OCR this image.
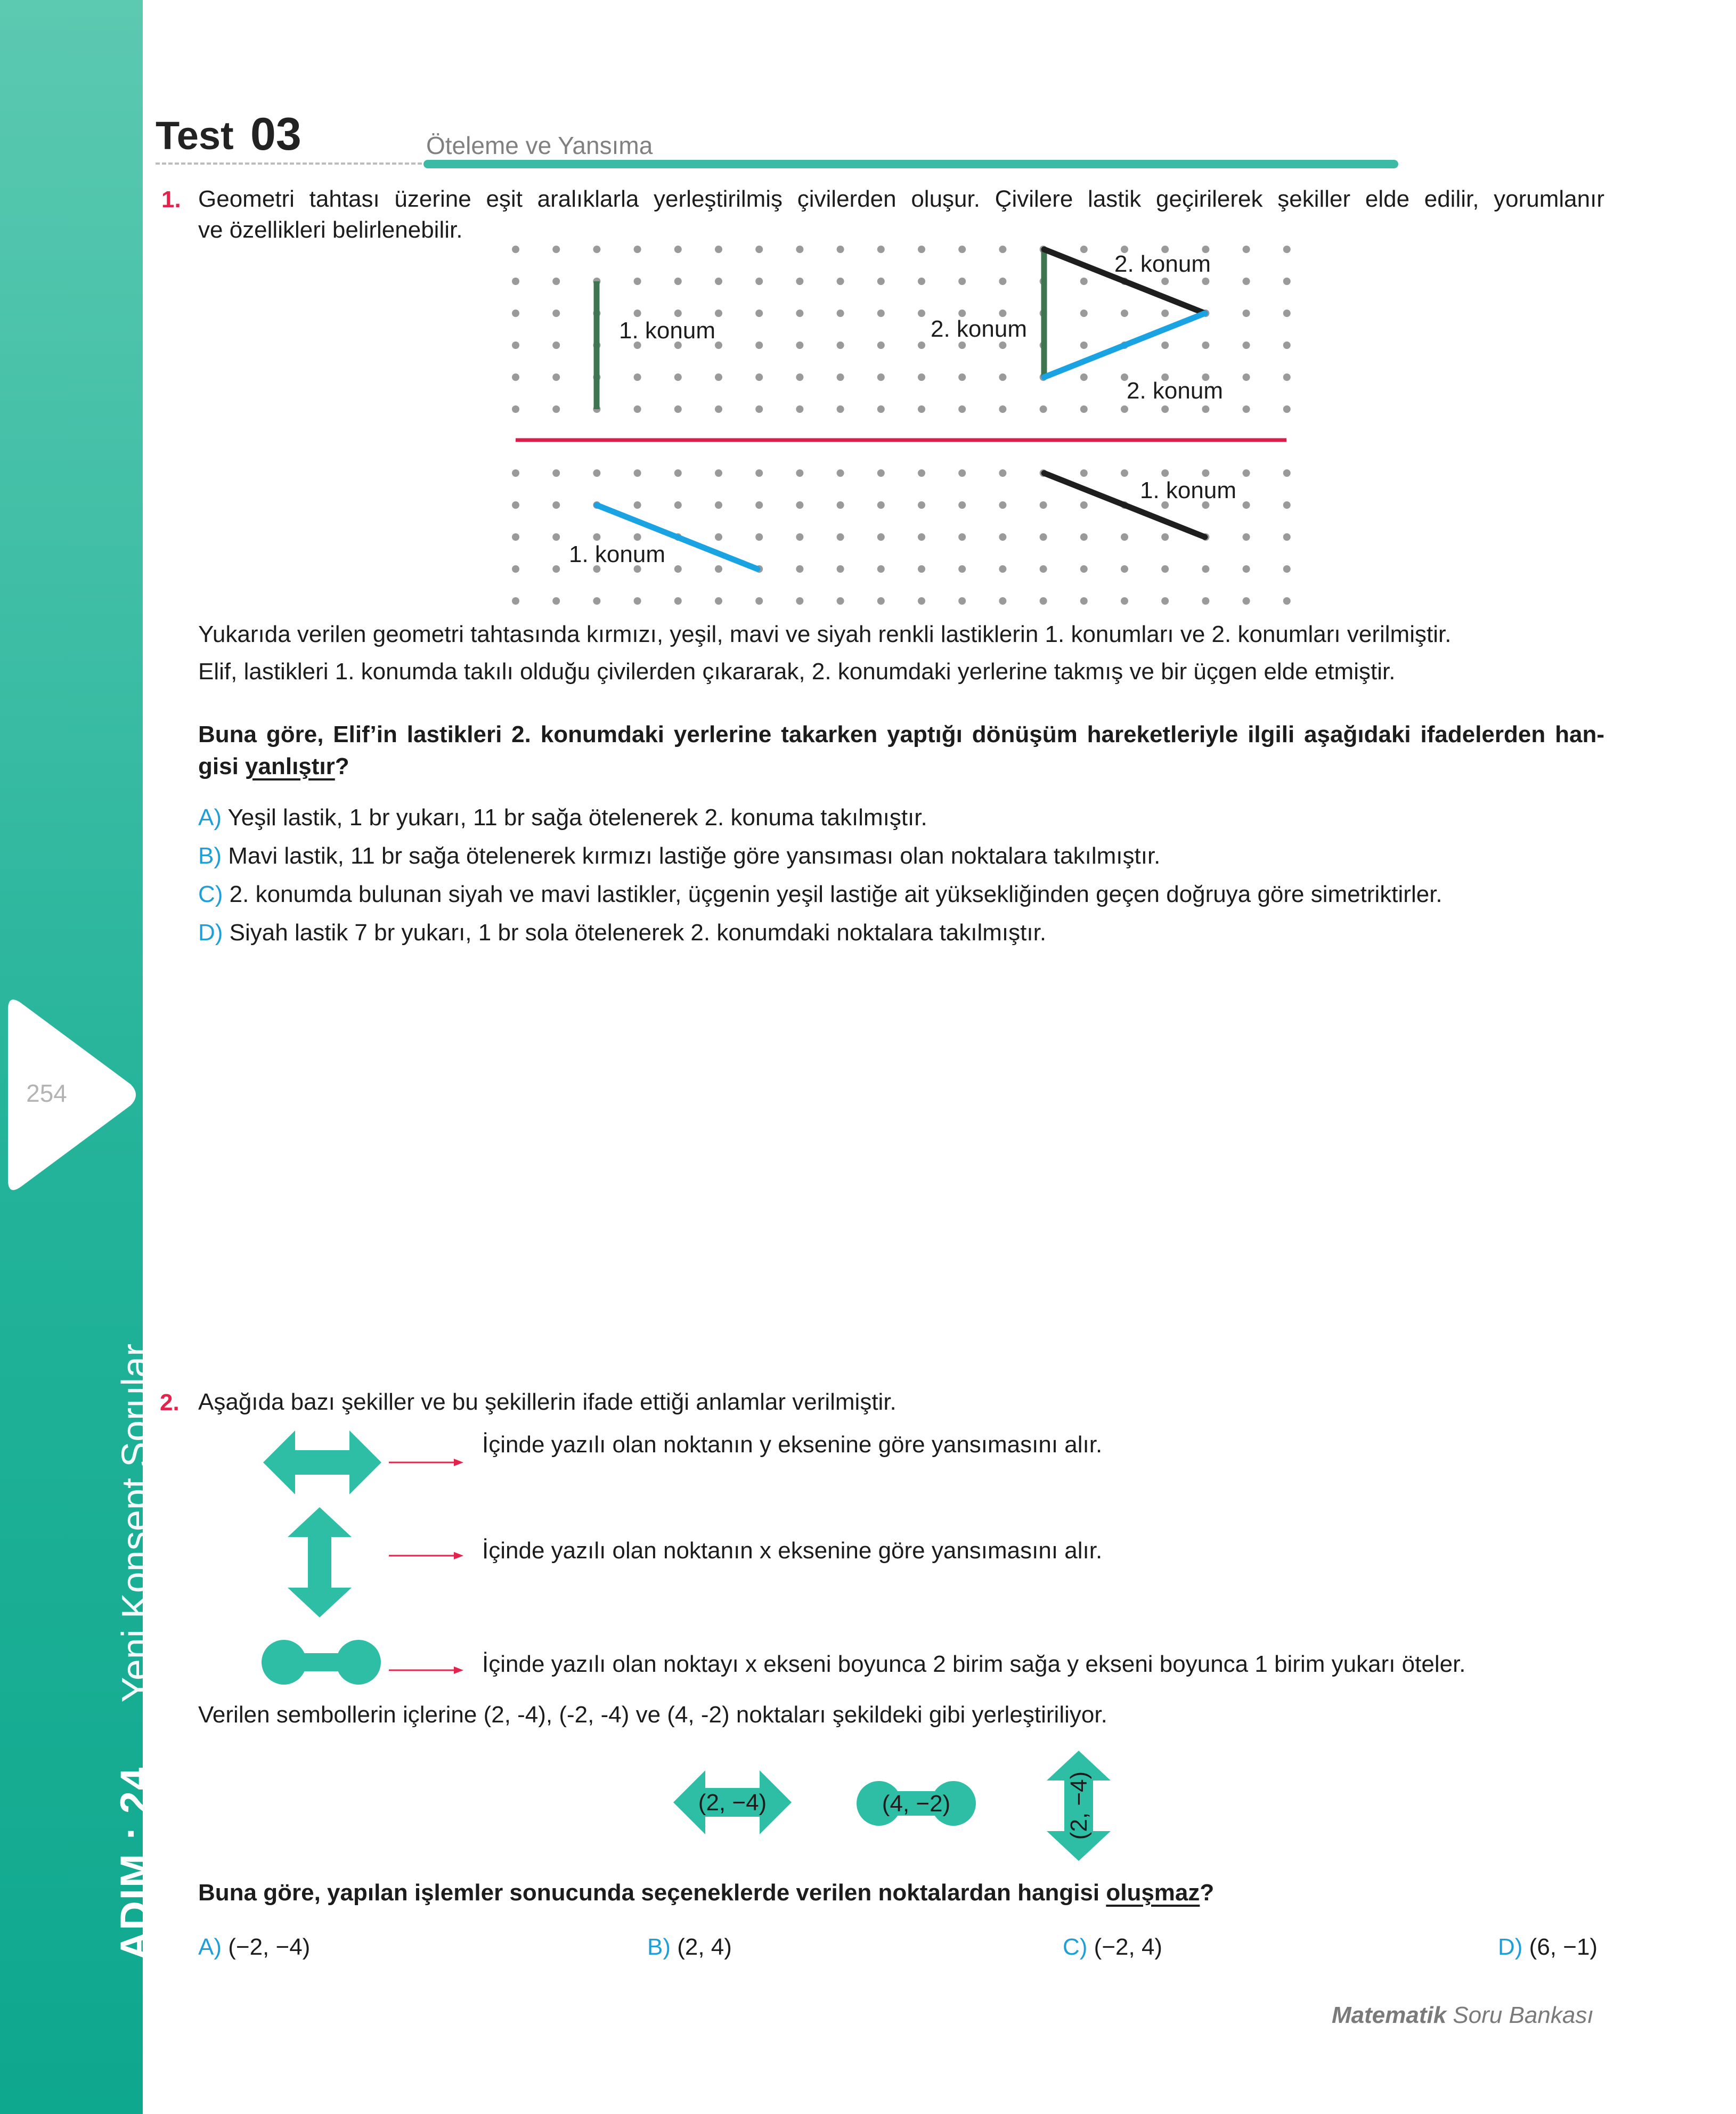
254
ADIM : 24Yeni Konsept Sorular
Test 03	Öteleme ve Yansıma
1. Geometri tahtası üzerine eşit aralıklarla yerleştirilmiş çivilerden oluşur. Çivilere lastik geçirilerek şekiller elde edilir, yorumlanır
ve özellikleri belirlenebilir.
1. konum	2. konum
2. konum
2. konum
1. konum
1. konum
Yukarıda verilen geometri tahtasında kırmızı, yeşil, mavi ve siyah renkli lastiklerin 1. konumları ve 2. konumları verilmiştir.
Elif, lastikleri 1. konumda takılı olduğu çivilerden çıkararak, 2. konumdaki yerlerine takmış ve bir üçgen elde etmiştir.
Buna göre, Elif’in lastikleri 2. konumdaki yerlerine takarken yaptığı dönüşüm hareketleriyle ilgili aşağıdaki ifadelerden han-
gisi yanlıştır?
A) Yeşil lastik, 1 br yukarı, 11 br sağa ötelenerek 2. konuma takılmıştır.
B) Mavi lastik, 11 br sağa ötelenerek kırmızı lastiğe göre yansıması olan noktalara takılmıştır.
C) 2. konumda bulunan siyah ve mavi lastikler, üçgenin yeşil lastiğe ait yüksekliğinden geçen doğruya göre simetriktirler.
D) Siyah lastik 7 br yukarı, 1 br sola ötelenerek 2. konumdaki noktalara takılmıştır.
2. Aşağıda bazı şekiller ve bu şekillerin ifade ettiği anlamlar verilmiştir.
İçinde yazılı olan noktanın y eksenine göre yansımasını alır.
İçinde yazılı olan noktanın x eksenine göre yansımasını alır.
İçinde yazılı olan noktayı x ekseni boyunca 2 birim sağa y ekseni boyunca 1 birim yukarı öteler.
Verilen sembollerin içlerine (2, -4), (-2, -4) ve (4, -2) noktaları şekildeki gibi yerleştiriliyor.
(2, −4)	(4, −2)	(2, −4)
Buna göre, yapılan işlemler sonucunda seçeneklerde verilen noktalardan hangisi oluşmaz?
A) (−2, −4)	B) (2, 4)	C) (−2, 4)	D) (6, −1)
Matematik Soru Bankası
